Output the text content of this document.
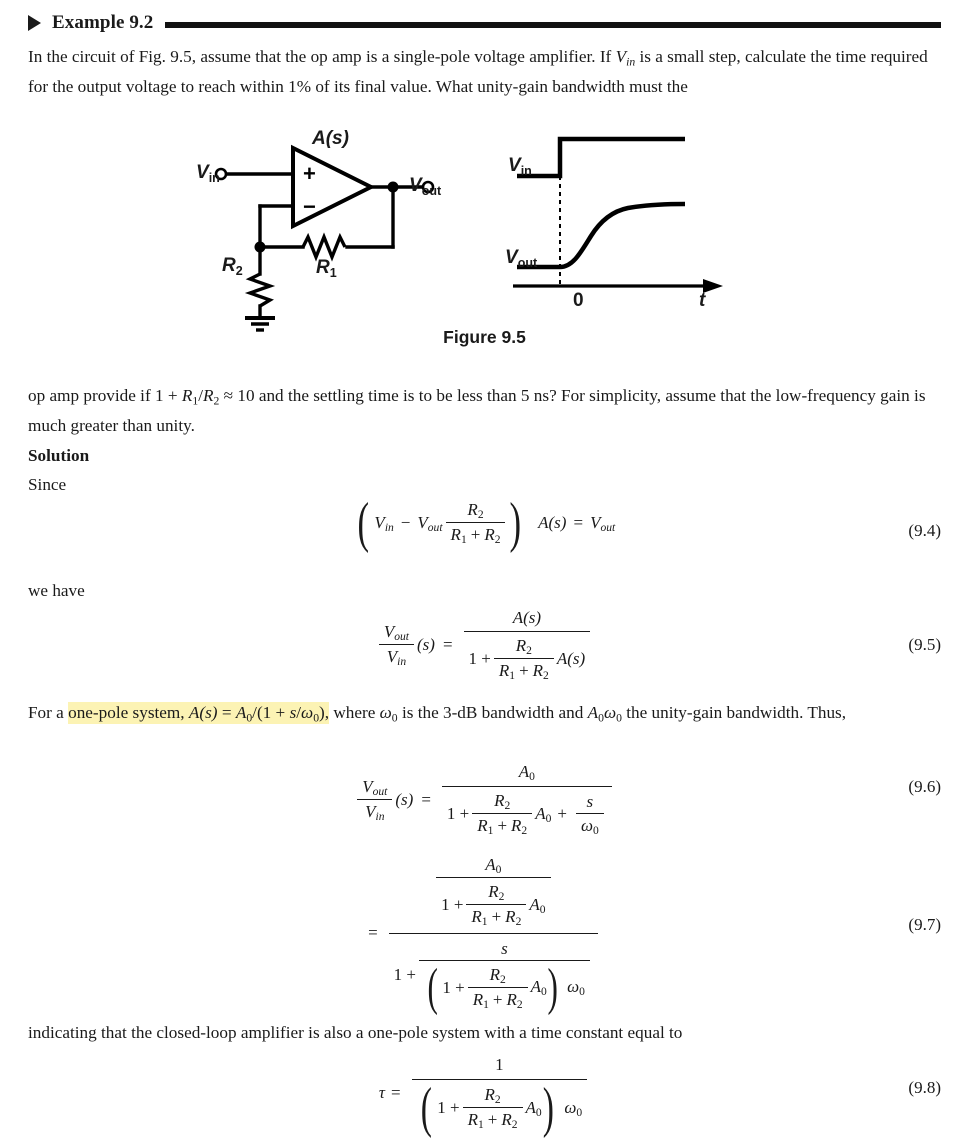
Example 9.2
In the circuit of Fig. 9.5, assume that the op amp is a single-pole voltage amplifier. If $V_{in}$ is a small step, calculate the time required for the output voltage to reach within 1% of its final value. What unity-gain bandwidth must the
+
−
A(s)
Vin	Vout
R1
R2
Vin
Vout
0	t
Figure 9.5
op amp provide if $1 + R_1/R_2 \approx 10$ and the settling time is to be less than 5 ns? For simplicity, assume that the low-frequency gain is much greater than unity.
Solution
Since
( $V_{in} - V_{out} \frac{R_2}{R_1 + R_2}$ ) $A(s) = V_{out}$	(9.4)
we have
$\frac{V_{out}}{V_{in}} (s)$ =
A(s)
$1 + \frac{R_2}{R_1 + R_2} A(s)$
(9.5)
For a one-pole system, $A(s) = A_0/(1 + s/\omega_0)$, where $\omega_0$ is the 3-dB bandwidth and $A_0\omega_0$ the unity-gain bandwidth. Thus,
$\frac{V_{out}}{V_{in}} (s)$ =
$A_0$
$1 + \frac{R_2}{R_1 + R_2} A_0 + \frac{s}{\omega_0}$
(9.6)
=
$A_0$
$1 + \frac{R_2}{R_1 + R_2} A_0$
1 +
s
( $1 + \frac{R_2}{R_1 + R_2} A_0$ ) $\omega_0$
(9.7)
indicating that the closed-loop amplifier is also a one-pole system with a time constant equal to
τ =
1
( $1 + \frac{R_2}{R_1 + R_2} A_0$ ) $\omega_0$
(9.8)
